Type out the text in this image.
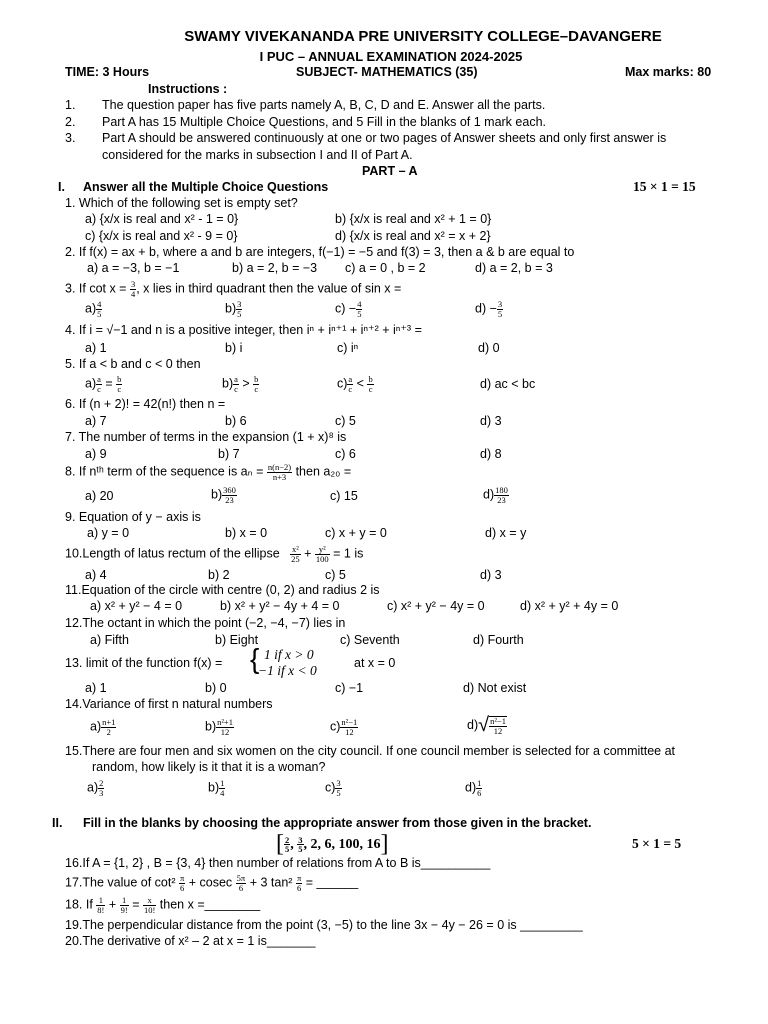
SWAMY VIVEKANANDA PRE UNIVERSITY COLLEGE–DAVANGERE
I PUC – ANNUAL EXAMINATION 2024-2025
TIME: 3 Hours	SUBJECT- MATHEMATICS (35)	Max marks: 80
Instructions :
1. The question paper has five parts namely A, B, C, D and E. Answer all the parts.
2. Part A has 15 Multiple Choice Questions, and 5 Fill in the blanks of 1 mark each.
3. Part A should be answered continuously at one or two pages of Answer sheets and only first answer is
considered for the marks in subsection I and II of Part A.
PART – A
I. Answer all the Multiple Choice Questions	15 × 1 = 15
1. Which of the following set is empty set?
a) {x/x is real and x² - 1 = 0}	b) {x/x is real and x² + 1 = 0}
c) {x/x is real and x² - 9 = 0}	d) {x/x is real and x² = x + 2}
2. If f(x) = ax + b, where a and b are integers, f(−1) = −5 and f(3) = 3, then a & b are equal to
a) a = −3, b = −1	b) a = 2, b = −3 c) a = 0 , b = 2	d) a = 2, b = 3
3. If $\cot x = \frac{3}{4}$ , x lies in third quadrant then the value of sin x =
$a) \frac{4}{5}$	$b) \frac{3}{5}$	$c) - \frac{4}{5}$	$d) - \frac{3}{5}$
4. If i = √−1 and n is a positive integer, then iⁿ + iⁿ⁺¹ + iⁿ⁺² + iⁿ⁺³ =
a) 1	b) i	c) iⁿ	d) 0
5. If a < b and c < 0 then
$a) \frac{a}{c} = \frac{b}{c}$	$b) \frac{a}{c} > \frac{b}{c}$	$c) \frac{a}{c} < \frac{b}{c}$	d) ac < bc
6. If (n + 2)! = 42(n!) then n =
a) 7	b) 6	c) 5	d) 3
7. The number of terms in the expansion (1 + x)⁸ is
a) 9	b) 7	c) 6	d) 8
8. If nᵗʰ term of the sequence is $a_n = \frac{n(n-2)}{n+3}$ then a₂₀ =
a) 20	$b) \frac{360}{23}$	c) 15	$d) \frac{180}{23}$
9. Equation of y − axis is
a) y = 0	b) x = 0	c) x + y = 0	d) x = y
10.Length of latus rectum of the ellipse $\frac{\text{x²}}{25} + \frac{\text{y²}}{100} = 1$ is
a) 4	b) 2	c) 5	d) 3
11.Equation of the circle with centre (0, 2) and radius 2 is
a) x² + y² − 4 = 0	b) x² + y² − 4y + 4 = 0	c) x² + y² − 4y = 0	d) x² + y² + 4y = 0
12.The octant in which the point (−2, −4, −7) lies in
a) Fifth	b) Eight	c) Seventh	d) Fourth
13. limit of the function f(x) = { 1 if x > 0
−1 if x < 0	at x = 0
a) 1	b) 0	c) −1	d) Not exist
14.Variance of first n natural numbers
$a) \frac{n+1}{2}$	$b) \frac{\text{n²+1}}{12}$	$c) \frac{\text{n²−1}}{12}$	$d)√ \frac{\text{n²−1}}{12}$
15.There are four men and six women on the city council. If one council member is selected for a committee at
random, how likely is it that it is a woman?
$a) \frac{2}{3}$	$b) \frac{1}{4}$	$c) \frac{3}{5}$	$d) \frac{1}{6}$
II. Fill in the blanks by choosing the appropriate answer from those given in the bracket.
[ $\frac{2}{5}$ , $\frac{3}{5}$ , 2, 6, 100, 16]	5 × 1 = 5
16.If A = {1, 2} , B = {3, 4} then number of relations from A to B is__________
17.The value of $\cot^2 \frac{\pi}{6} + cosec \frac{5\pi}{6} + 3$ $\tan^2 \frac{\pi}{6}$ = ______
18. If $\frac{1}{8!} + \frac{1}{9!} = \frac{x}{10!}$ then x =________
19.The perpendicular distance from the point (3, −5) to the line 3x − 4y − 26 = 0 is _________
20.The derivative of x² – 2 at x = 1 is_______
